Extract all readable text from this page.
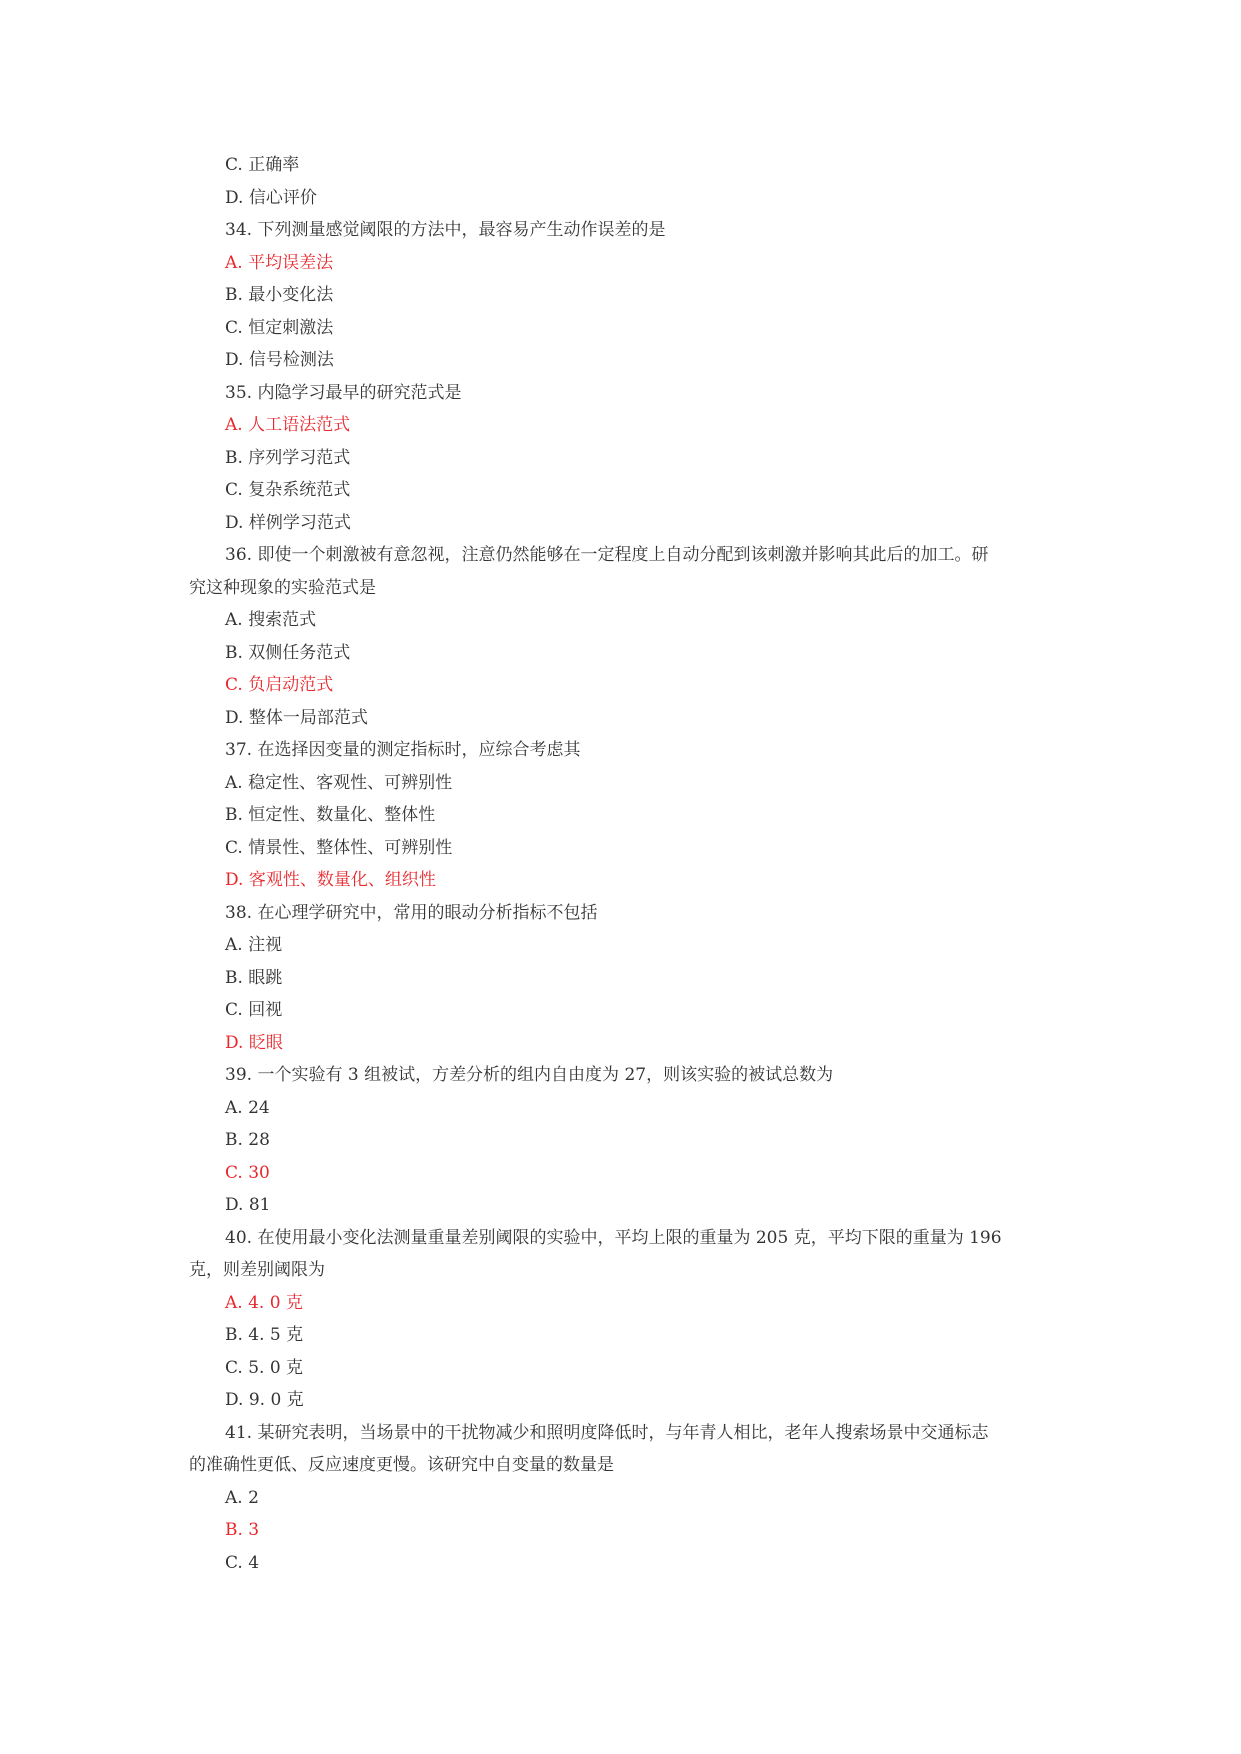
C. 正确率
D. 信心评价
34. 下列测量感觉阈限的方法中，最容易产生动作误差的是
A. 平均误差法
B. 最小变化法
C. 恒定刺激法
D. 信号检测法
35. 内隐学习最早的研究范式是
A. 人工语法范式
B. 序列学习范式
C. 复杂系统范式
D. 样例学习范式
36. 即使一个刺激被有意忽视，注意仍然能够在一定程度上自动分配到该刺激并影响其此后的加工。研
究这种现象的实验范式是
A. 搜索范式
B. 双侧任务范式
C. 负启动范式
D. 整体一局部范式
37. 在选择因变量的测定指标时，应综合考虑其
A. 稳定性、客观性、可辨别性
B. 恒定性、数量化、整体性
C. 情景性、整体性、可辨别性
D. 客观性、数量化、组织性
38. 在心理学研究中，常用的眼动分析指标不包括
A. 注视
B. 眼跳
C. 回视
D. 眨眼
39. 一个实验有 3 组被试，方差分析的组内自由度为 27，则该实验的被试总数为
A. 24
B. 28
C. 30
D. 81
40. 在使用最小变化法测量重量差别阈限的实验中，平均上限的重量为 205 克，平均下限的重量为 196
克，则差别阈限为
A. 4. 0 克
B. 4. 5 克
C. 5. 0 克
D. 9. 0 克
41. 某研究表明，当场景中的干扰物减少和照明度降低时，与年青人相比，老年人搜索场景中交通标志
的准确性更低、反应速度更慢。该研究中自变量的数量是
A. 2
B. 3
C. 4
